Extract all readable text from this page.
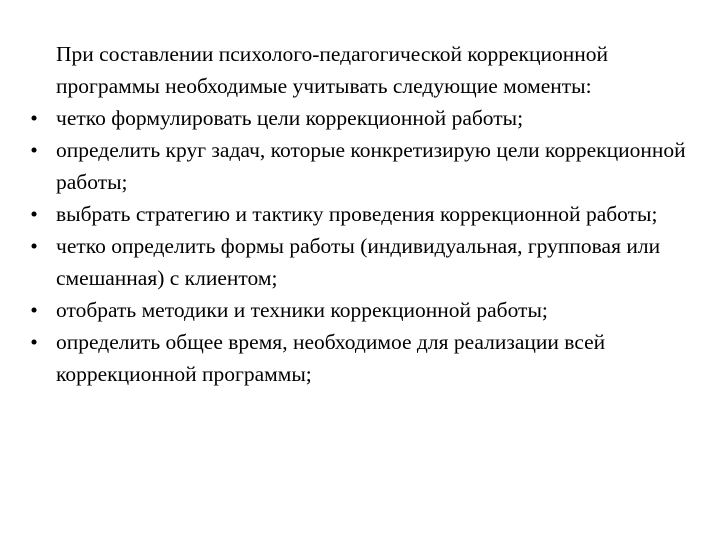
При составлении психолого-педагогической коррекционной программы необходимые учитывать следующие моменты:

• четко формулировать цели коррекционной работы;
• определить круг задач, которые конкретизирую цели коррекционной работы;
• выбрать стратегию и тактику проведения коррекционной работы;
• четко определить формы работы (индивидуальная, групповая или смешанная) с клиентом;
• отобрать методики и техники коррекционной работы;
• определить общее время, необходимое для реализации всей коррекционной программы;
